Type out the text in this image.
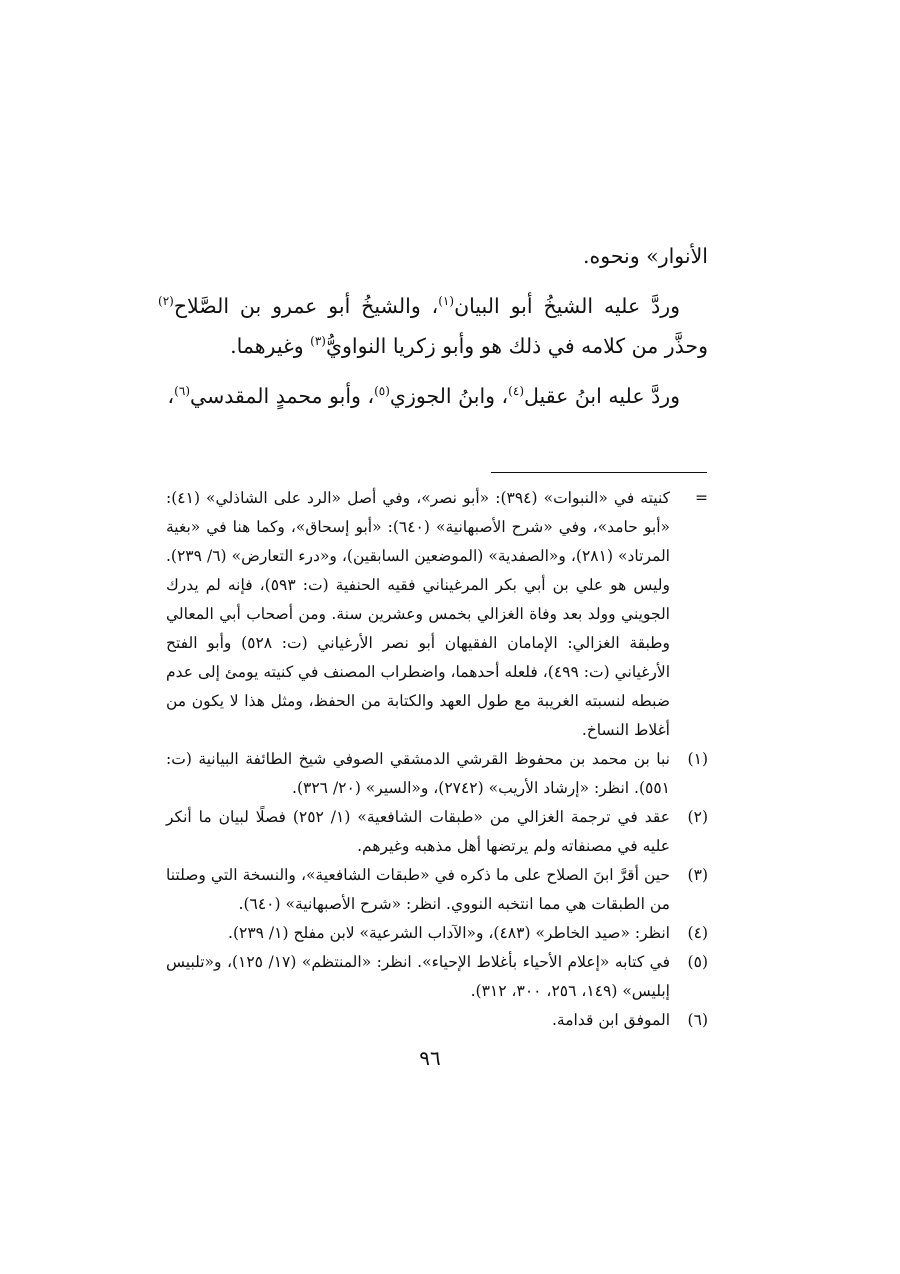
الأنوار» ونحوه.

وردَّ عليه الشيخُ أبو البيان$^{(١)}$، والشيخُ أبو عمرو بن الصَّلاح$^{(٢)}$ وحذَّر من كلامه في ذلك هو وأبو زكريا النواويُّ$^{(٣)}$ وغيرهما.

وردَّ عليه ابنُ عقيل$^{(٤)}$، وابنُ الجوزي$^{(٥)}$، وأبو محمدٍ المقدسي$^{(٦)}$،

=
كنيته في «النبوات» (٣٩٤): «أبو نصر»، وفي أصل «الرد على الشاذلي» (٤١): «أبو حامد»، وفي «شرح الأصبهانية» (٦٤٠): «أبو إسحاق»، وكما هنا في «بغية المرتاد» (٢٨١)، و«الصفدية» (الموضعين السابقين)، و«درء التعارض» (٦/ ٢٣٩). وليس هو علي بن أبي بكر المرغيناني فقيه الحنفية (ت: ٥٩٣)، فإنه لم يدرك الجويني وولد بعد وفاة الغزالي بخمس وعشرين سنة. ومن أصحاب أبي المعالي وطبقة الغزالي: الإمامان الفقيهان أبو نصر الأرغياني (ت: ٥٢٨) وأبو الفتح الأرغياني (ت: ٤٩٩)، فلعله أحدهما، واضطراب المصنف في كنيته يومئ إلى عدم ضبطه لنسبته الغريبة مع طول العهد والكتابة من الحفظ، ومثل هذا لا يكون من أغلاط النساخ.
(١)
نبا بن محمد بن محفوظ القرشي الدمشقي الصوفي شيخ الطائفة البيانية (ت: ٥٥١). انظر: «إرشاد الأريب» (٢٧٤٢)، و«السير» (٢٠/ ٣٢٦).
(٢)
عقد في ترجمة الغزالي من «طبقات الشافعية» (١/ ٢٥٢) فصلًا لبيان ما أنكر عليه في مصنفاته ولم يرتضها أهل مذهبه وغيرهم.
(٣)
حين أقرَّ ابنَ الصلاح على ما ذكره في «طبقات الشافعية»، والنسخة التي وصلتنا من الطبقات هي مما انتخبه النووي. انظر: «شرح الأصبهانية» (٦٤٠).
(٤)
انظر: «صيد الخاطر» (٤٨٣)، و«الآداب الشرعية» لابن مفلح (١/ ٢٣٩).
(٥)
في كتابه «إعلام الأحياء بأغلاط الإحياء». انظر: «المنتظم» (١٧/ ١٢٥)، و«تلبيس إبليس» (١٤٩، ٢٥٦، ٣٠٠، ٣١٢).
(٦)
الموفق ابن قدامة.
٩٦
